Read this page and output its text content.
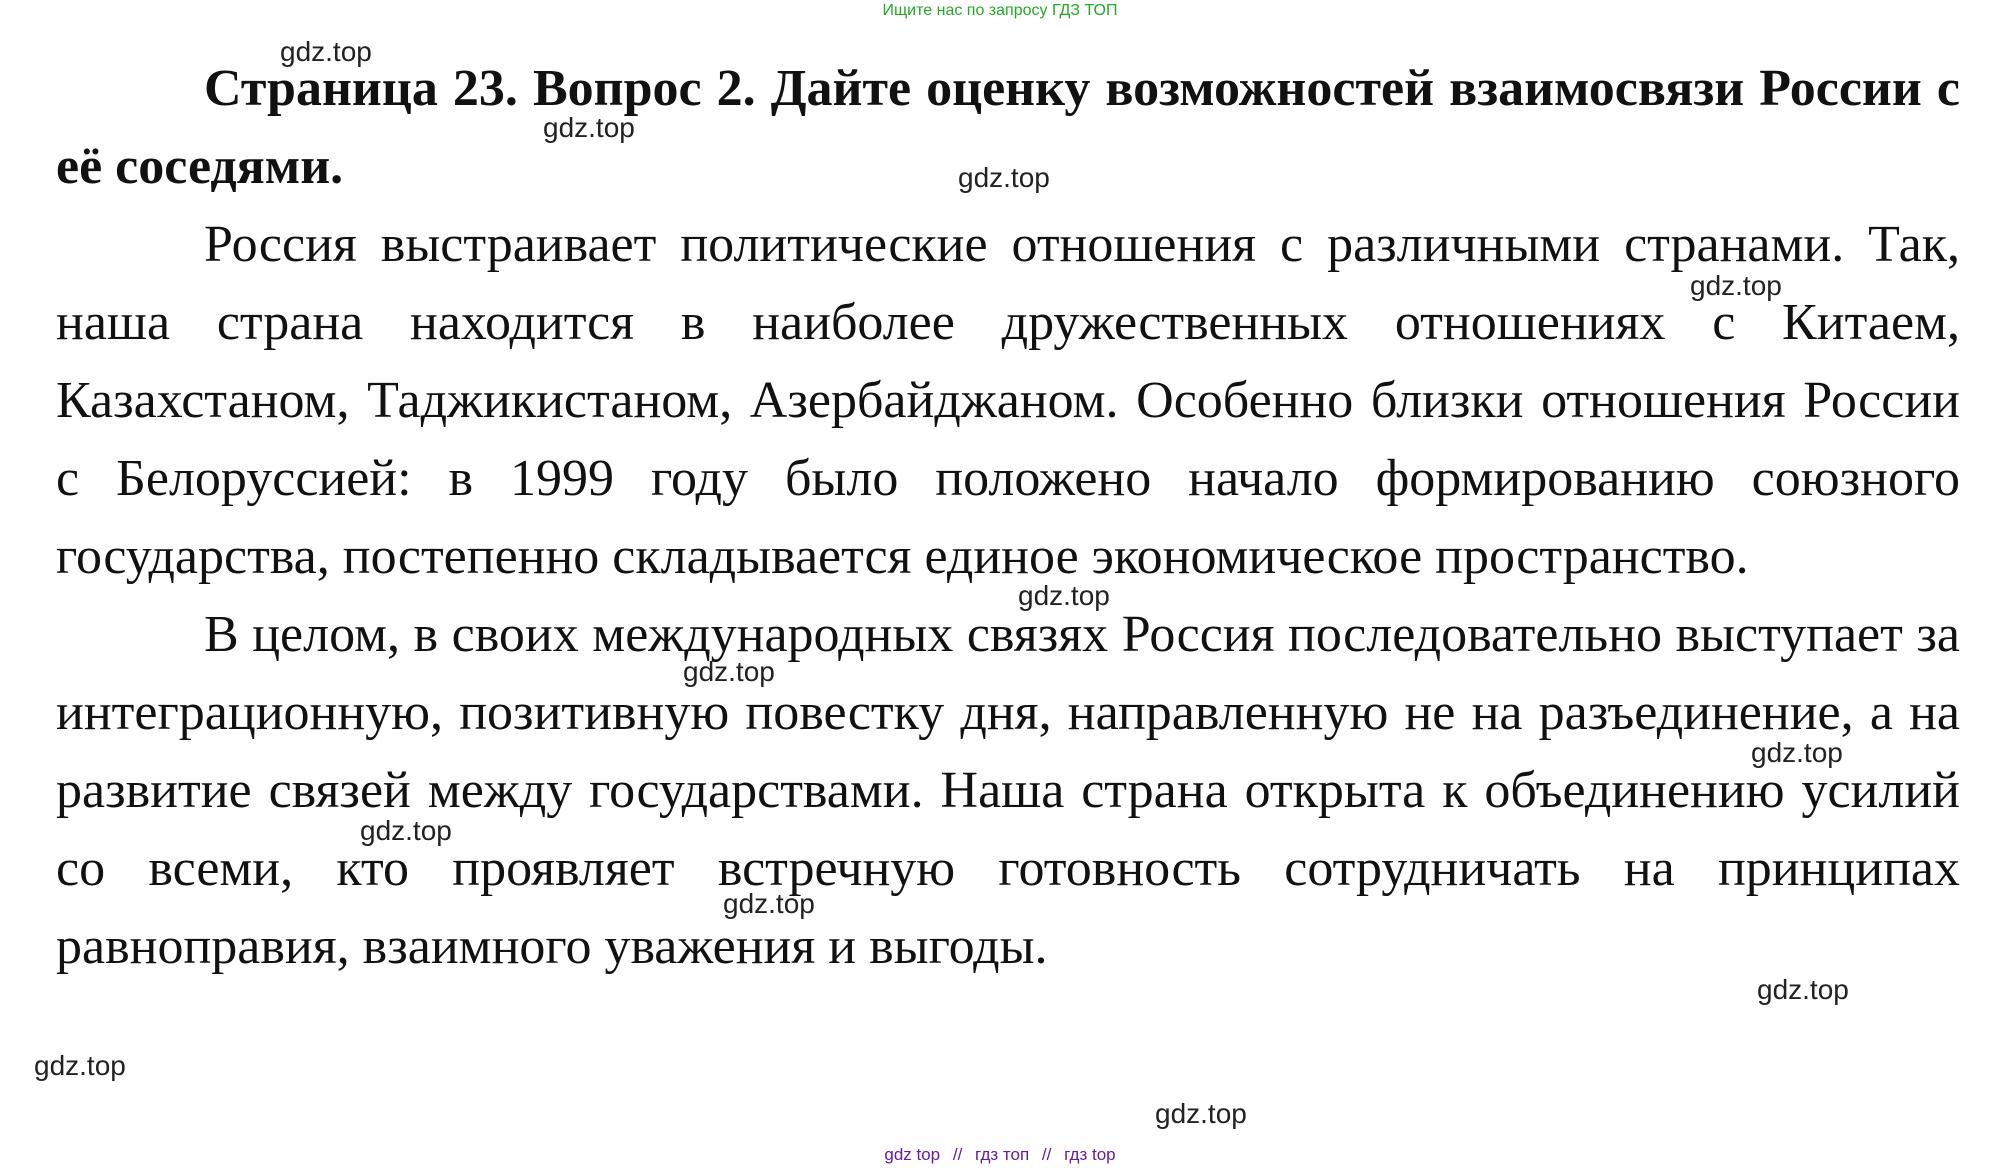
Ищите нас по запросу ГДЗ ТОП

Страница 23. Вопрос 2. Дайте оценку возможностей взаимосвязи России с её соседями.

Россия выстраивает политические отношения с различными странами. Так, наша страна находится в наиболее дружественных отношениях с Китаем, Казахстаном, Таджикистаном, Азербайджаном. Особенно близки отношения России с Белоруссией: в 1999 году было положено начало формированию союзного государства, постепенно складывается единое экономическое пространство.

В целом, в своих международных связях Россия последовательно выступает за интеграционную, позитивную повестку дня, направленную не на разъединение, а на развитие связей между государствами. Наша страна открыта к объединению усилий со всеми, кто проявляет встречную готовность сотрудничать на принципах равноправия, взаимного уважения и выгоды.

gdz.top
gdz.top
gdz.top
gdz.top
gdz.top
gdz.top
gdz.top
gdz.top
gdz.top
gdz.top
gdz.top
gdz.top
gdz top // гдз топ // гдз top
